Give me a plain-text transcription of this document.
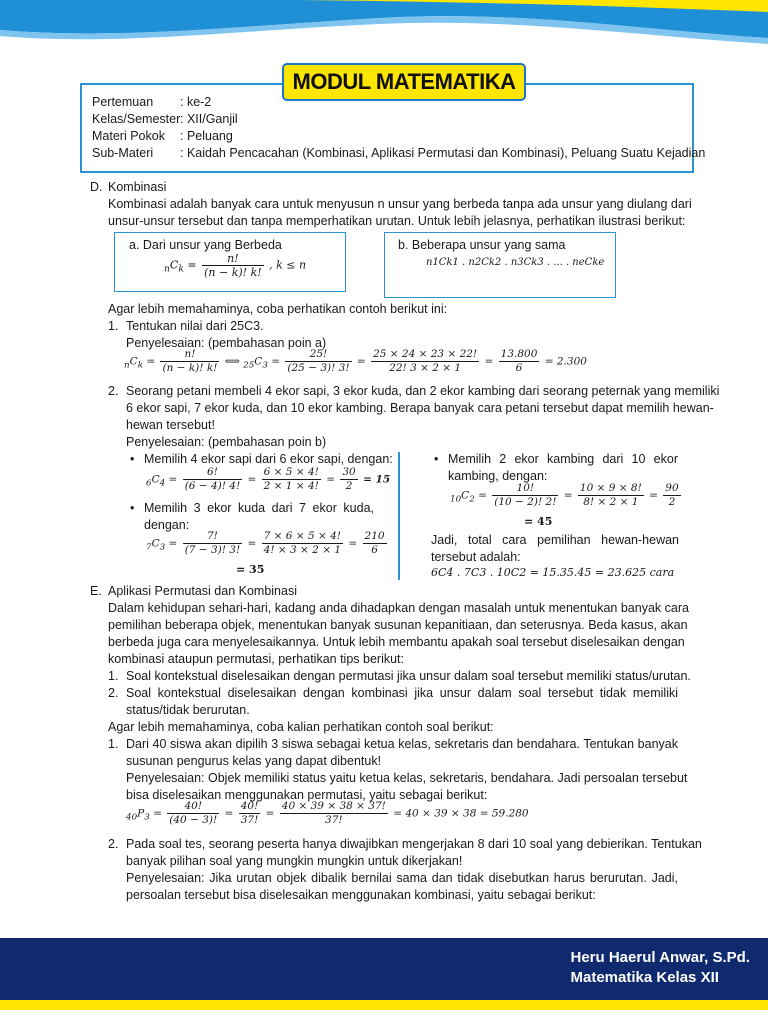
MODUL MATEMATIKA
Pertemuan : ke-2
Kelas/Semester : XII/Ganjil
Materi Pokok : Peluang
Sub-Materi : Kaidah Pencacahan (Kombinasi, Aplikasi Permutasi dan Kombinasi), Peluang Suatu Kejadian
D. Kombinasi
Kombinasi adalah banyak cara untuk menyusun n unsur yang berbeda tanpa ada unsur yang diulang dari
unsur-unsur tersebut dan tanpa memperhatikan urutan. Untuk lebih jelasnya, perhatikan ilustrasi berikut:
a. Dari unsur yang Berbeda
$_nC_k = \frac{n!}{(n - k)! k!}$ , k ≤ n
b. Beberapa unsur yang sama
n1Ck1 . n2Ck2 . n3Ck3 . ... . neCke
Agar lebih memahaminya, coba perhatikan contoh berikut ini:
1. Tentukan nilai dari 25C3.
Penyelesaian: (pembahasan poin a)
$_nC_k = \frac{n!}{(n - k)! k!}$ ⟺ $_{25}C_3 = \frac{25!}{(25 - 3)! 3!} = \frac{25 \times 24 \times 23 \times 22!}{22! 3 \times 2 \times 1} = \frac{13.800}{6} = 2.300$
2. Seorang petani membeli 4 ekor sapi, 3 ekor kuda, dan 2 ekor kambing dari seorang peternak yang memiliki
6 ekor sapi, 7 ekor kuda, dan 10 ekor kambing. Berapa banyak cara petani tersebut dapat memilih hewan-
hewan tersebut!
Penyelesaian: (pembahasan poin b)
• Memilih 4 ekor sapi dari 6 ekor sapi, dengan:
$_6C_4 = \frac{6!}{(6 - 4)! 4!} = \frac{6 \times 5 \times 4!}{2 \times 1 \times 4!} = \frac{30}{2} = 15$
• Memilih 3 ekor kuda dari 7 ekor kuda,
dengan:
$_7C_3 = \frac{7!}{(7 - 3)! 3!} = \frac{7 \times 6 \times 5 \times 4!}{4! \times 3 \times 2 \times 1} = \frac{210}{6}$
= 35
• Memilih 2 ekor kambing dari 10 ekor
kambing, dengan:
$_{10}C_2 = \frac{10!}{(10 - 2)! 2!} = \frac{10 \times 9 \times 8!}{8! \times 2 \times 1} = \frac{90}{2}$
= 45
Jadi, total cara pemilihan hewan-hewan
tersebut adalah:
6C4 . 7C3 . 10C2 = 15.35.45 = 23.625 cara
E. Aplikasi Permutasi dan Kombinasi
Dalam kehidupan sehari-hari, kadang anda dihadapkan dengan masalah untuk menentukan banyak cara
pemilihan beberapa objek, menentukan banyak susunan kepanitiaan, dan seterusnya. Beda kasus, akan
berbeda juga cara menyelesaikannya. Untuk lebih membantu apakah soal tersebut diselesaikan dengan
kombinasi ataupun permutasi, perhatikan tips berikut:
1. Soal kontekstual diselesaikan dengan permutasi jika unsur dalam soal tersebut memiliki status/urutan.
2. Soal kontekstual diselesaikan dengan kombinasi jika unsur dalam soal tersebut tidak memiliki
status/tidak berurutan.
Agar lebih memahaminya, coba kalian perhatikan contoh soal berikut:
1. Dari 40 siswa akan dipilih 3 siswa sebagai ketua kelas, sekretaris dan bendahara. Tentukan banyak
susunan pengurus kelas yang dapat dibentuk!
Penyelesaian: Objek memiliki status yaitu ketua kelas, sekretaris, bendahara. Jadi persoalan tersebut
bisa diselesaikan menggunakan permutasi, yaitu sebagai berikut:
$_{40}P_3 = \frac{40!}{(40 - 3)!} = \frac{40!}{37!} = \frac{40 \times 39 \times 38 \times 37!}{37!} = 40 \times 39 \times 38 = 59.280$
2. Pada soal tes, seorang peserta hanya diwajibkan mengerjakan 8 dari 10 soal yang debierikan. Tentukan
banyak pilihan soal yang mungkin mungkin untuk dikerjakan!
Penyelesaian: Jika urutan objek dibalik bernilai sama dan tidak disebutkan harus berurutan. Jadi,
persoalan tersebut bisa diselesaikan menggunakan kombinasi, yaitu sebagai berikut:
Heru Haerul Anwar, S.Pd.
Matematika Kelas XII
